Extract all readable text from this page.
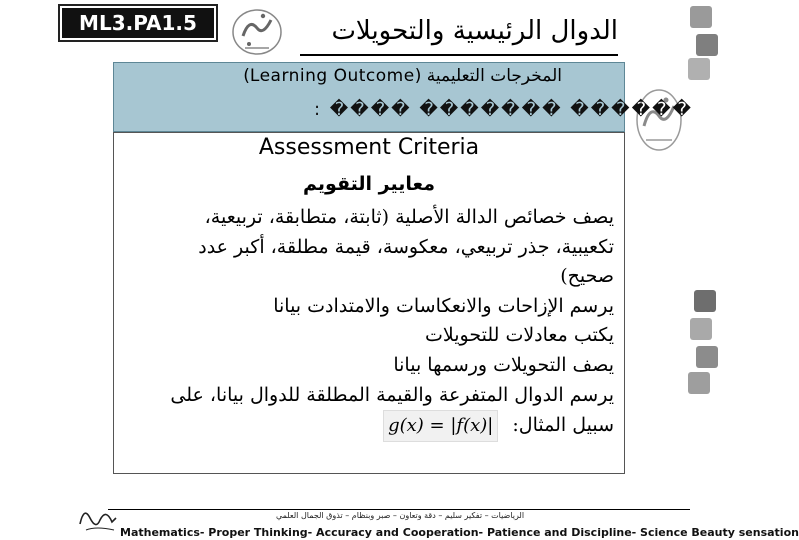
ML3.PA1.5	الدوال الرئيسية والتحويلات
المخرجات التعليمية (Learning Outcome)
: ���� ������� ������
Assessment Criteria
معايير التقويم
يصف خصائص الدالة الأصلية (ثابتة، متطابقة، تربيعية،
تكعيبية، جذر تربيعي، معكوسة، قيمة مطلقة، أكبر عدد
صحيح)
يرسم الإزاحات والانعكاسات والامتدادت بيانا
يكتب معادلات للتحويلات
يصف التحويلات ورسمها بيانا
يرسم الدوال المتفرعة والقيمة المطلقة للدوال بيانا، على
سبيل المثال: g(x) = |f(x)|
الرياضيات – تفكير سليم – دقة وتعاون – صبر وبنظام – تذوق الجمال العلمي
Mathematics- Proper Thinking- Accuracy and Cooperation- Patience and Discipline- Science Beauty sensation
